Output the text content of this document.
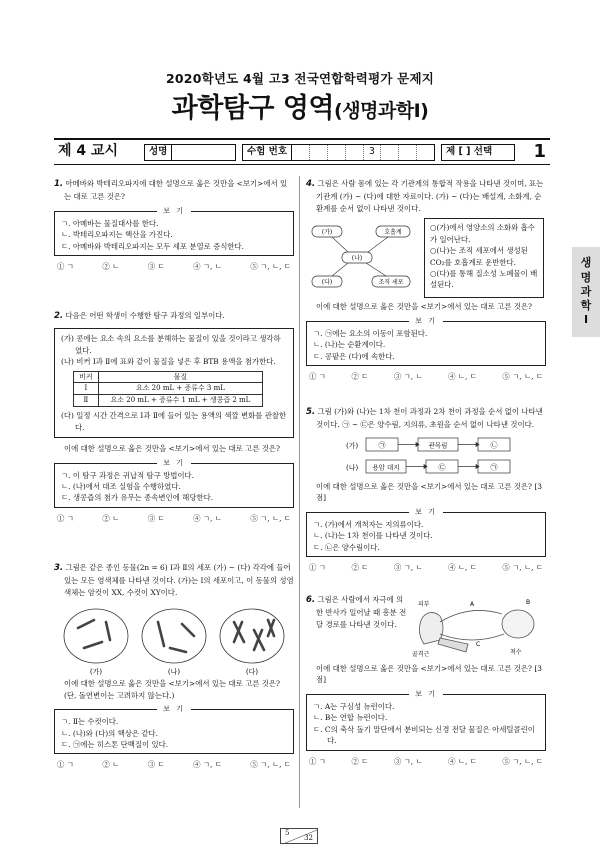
2020학년도 4월 고3 전국연합학력평가 문제지
과학탐구 영역(생명과학Ⅰ)
제 4 교시	성명	수험 번호	3	제 [ ] 선택	1
1. 아메바와 박테리오파지에 대한 설명으로 옳은 것만을 <보기>에서 있는 대로 고른 것은?
보 기
ㄱ. 아메바는 물질대사를 한다.
ㄴ. 박테리오파지는 핵산을 가진다.
ㄷ. 아메바와 박테리오파지는 모두 세포 분열로 증식한다.
① ㄱ	② ㄴ	③ ㄷ	④ ㄱ, ㄴ	⑤ ㄱ, ㄴ, ㄷ
2. 다음은 어떤 학생이 수행한 탐구 과정의 일부이다.
(가) 콩에는 요소 속의 요소를 분해하는 물질이 있을 것이라고 생각하였다.
(나) 비커 Ⅰ과 Ⅱ에 표와 같이 물질을 넣은 후 BTB 용액을 첨가한다.
비커	물질
Ⅰ	요소 20 mL + 증류수 3 mL
Ⅱ	요소 20 mL + 증류수 1 mL + 생콩즙 2 mL
(다) 일정 시간 간격으로 Ⅰ과 Ⅱ에 들어 있는 용액의 색깔 변화를 관찰한다.
이에 대한 설명으로 옳은 것만을 <보기>에서 있는 대로 고른 것은?
보 기
ㄱ. 이 탐구 과정은 귀납적 탐구 방법이다.
ㄴ. (나)에서 대조 실험을 수행하였다.
ㄷ. 생콩즙의 첨가 유무는 종속변인에 해당한다.
① ㄱ	② ㄴ	③ ㄷ	④ ㄱ, ㄴ	⑤ ㄱ, ㄴ, ㄷ
3. 그림은 같은 종인 동물(2n = 6) Ⅰ과 Ⅱ의 세포 (가) ~ (다) 각각에 들어 있는 모든 염색체를 나타낸 것이다. (가)는 Ⅰ의 세포이고, 이 동물의 성염색체는 암컷이 XX, 수컷이 XY이다.
(가)	(나)	(다)
이에 대한 설명으로 옳은 것만을 <보기>에서 있는 대로 고른 것은? (단, 돌연변이는 고려하지 않는다.)
보 기
ㄱ. Ⅱ는 수컷이다.
ㄴ. (나)와 (다)의 핵상은 같다.
ㄷ. ㉠에는 히스톤 단백질이 있다.
① ㄱ	② ㄴ	③ ㄷ	④ ㄱ, ㄷ	⑤ ㄱ, ㄴ, ㄷ
4. 그림은 사람 몸에 있는 각 기관계의 통합적 작용을 나타낸 것이며, 표는 기관계 (가) ~ (다)에 대한 자료이다. (가) ~ (다)는 배설계, 소화계, 순환계를 순서 없이 나타낸 것이다.
(가)	호흡계
(나)
(다)	조직 세포
○(가)에서 영양소의 소화와 흡수가 일어난다.
○(나)는 조직 세포에서 생성된 CO₂를 호흡계로 운반한다.
○(다)를 통해 질소성 노폐물이 배설된다.
이에 대한 설명으로 옳은 것만을 <보기>에서 있는 대로 고른 것은?
보 기
ㄱ. ㉠에는 요소의 이동이 포함된다.
ㄴ. (나)는 순환계이다.
ㄷ. 콩팥은 (다)에 속한다.
① ㄱ	② ㄷ	③ ㄱ, ㄴ	④ ㄴ, ㄷ	⑤ ㄱ, ㄴ, ㄷ
5. 그림 (가)와 (나)는 1차 천이 과정과 2차 천이 과정을 순서 없이 나타낸 것이다. ㉠ ~ ㉢은 양수림, 지의류, 초원을 순서 없이 나타낸 것이다.
(가)	㉠	관목림	㉡
(나) 용암 대지	㉢	㉠
이에 대한 설명으로 옳은 것만을 <보기>에서 있는 대로 고른 것은? [3점]
보 기
ㄱ. (가)에서 개척자는 지의류이다.
ㄴ. (나)는 1차 천이를 나타낸 것이다.
ㄷ. ㉡은 양수림이다.
① ㄱ	② ㄷ	③ ㄱ, ㄴ	④ ㄴ, ㄷ	⑤ ㄱ, ㄴ, ㄷ
6. 그림은 사람에서 자극에 의한 반사가 일어날 때 흥분 전달 경로를 나타낸 것이다.
피부	A	B
C
골격근	척수
이에 대한 설명으로 옳은 것만을 <보기>에서 있는 대로 고른 것은? [3점]
보 기
ㄱ. A는 구심성 뉴런이다.
ㄴ. B는 연합 뉴런이다.
ㄷ. C의 축삭 돌기 말단에서 분비되는 신경 전달 물질은 아세틸콜린이다.
① ㄱ	② ㄷ	③ ㄱ, ㄴ	④ ㄴ, ㄷ	⑤ ㄱ, ㄴ, ㄷ
생
명
과
학
Ⅰ
5
32
